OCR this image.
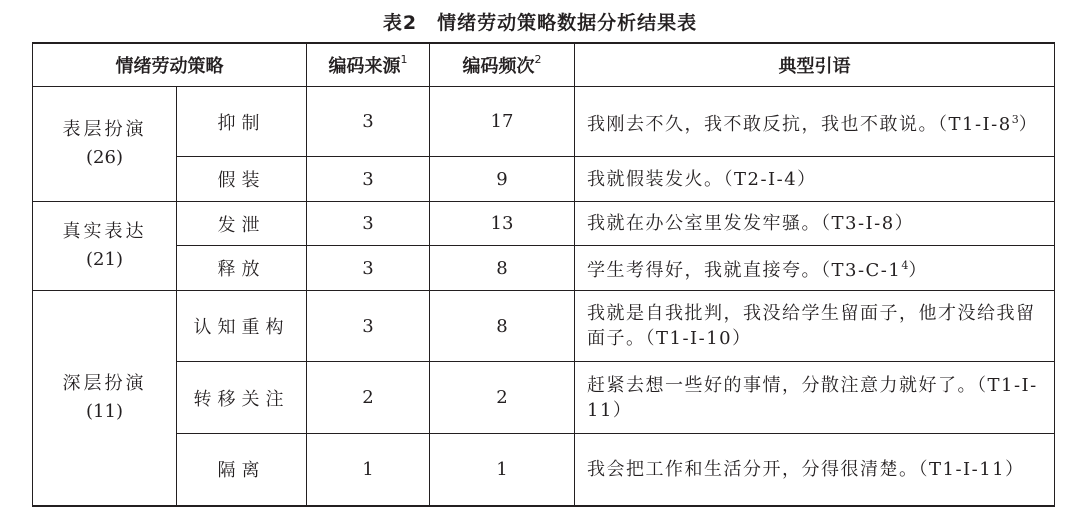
表2　情绪劳动策略数据分析结果表
情绪劳动策略		编码来源$^1$	编码频次$^2$	典型引语

表层扮演
(26)	抑制	3	17	我刚去不久，我不敢反抗，我也不敢说。$(T1-I-8^3)$
	假装	3	9	我就假装发火。（T2-I-4）

真实表达
(21)	发泄	3	13	我就在办公室里发发牢骚。（T3-I-8）
	释放	3	8	学生考得好，我就直接夸。$(T3-C-1^4)$

深层扮演
(11)	认知重构	3	8	我就是自我批判，我没给学生留面子，他才没给我留面子。（T1-I-10）
	转移关注	2	2	赶紧去想一些好的事情，分散注意力就好了。（T1-I-11）
	隔离	1	1	我会把工作和生活分开，分得很清楚。（T1-I-11）
